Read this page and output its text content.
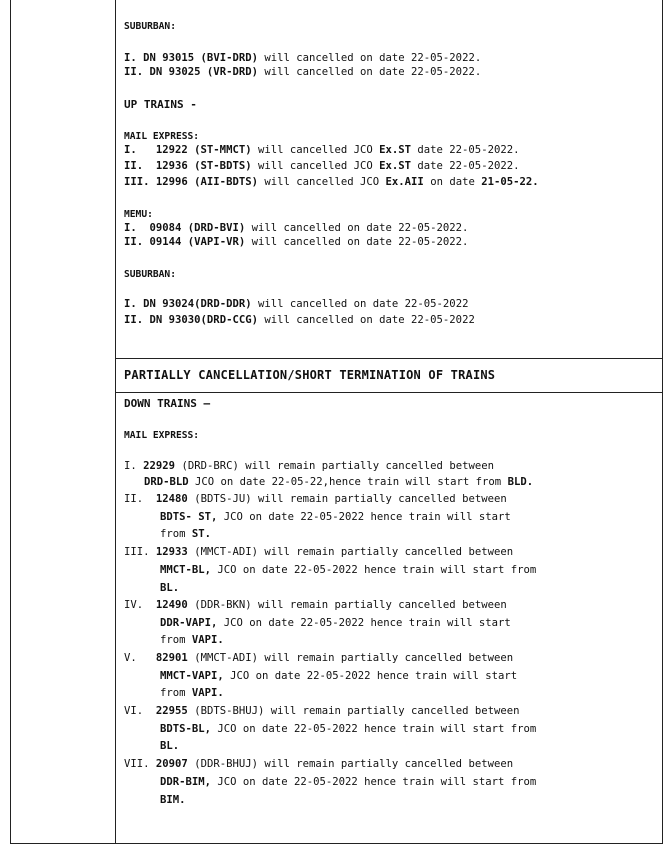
SUBURBAN:
I. DN 93015 (BVI-DRD) will cancelled on date 22-05-2022.
II. DN 93025 (VR-DRD) will cancelled on date 22-05-2022.
UP TRAINS -
MAIL EXPRESS:
I. 12922 (ST-MMCT) will cancelled JCO Ex.ST date 22-05-2022.
II. 12936 (ST-BDTS) will cancelled JCO Ex.ST date 22-05-2022.
III. 12996 (AII-BDTS) will cancelled JCO Ex.AII on date 21-05-22.
MEMU:
I. 09084 (DRD-BVI) will cancelled on date 22-05-2022.
II. 09144 (VAPI-VR) will cancelled on date 22-05-2022.
SUBURBAN:
I. DN 93024(DRD-DDR) will cancelled on date 22-05-2022
II. DN 93030(DRD-CCG) will cancelled on date 22-05-2022
PARTIALLY CANCELLATION/SHORT TERMINATION OF TRAINS
DOWN TRAINS –
MAIL EXPRESS:
I. 22929 (DRD-BRC) will remain partially cancelled between
DRD-BLD JCO on date 22-05-22,hence train will start from BLD.
II. 12480 (BDTS-JU) will remain partially cancelled between
BDTS- ST, JCO on date 22-05-2022 hence train will start
from ST.
III. 12933 (MMCT-ADI) will remain partially cancelled between
MMCT-BL, JCO on date 22-05-2022 hence train will start from
BL.
IV. 12490 (DDR-BKN) will remain partially cancelled between
DDR-VAPI, JCO on date 22-05-2022 hence train will start
from VAPI.
V. 82901 (MMCT-ADI) will remain partially cancelled between
MMCT-VAPI, JCO on date 22-05-2022 hence train will start
from VAPI.
VI. 22955 (BDTS-BHUJ) will remain partially cancelled between
BDTS-BL, JCO on date 22-05-2022 hence train will start from
BL.
VII. 20907 (DDR-BHUJ) will remain partially cancelled between
DDR-BIM, JCO on date 22-05-2022 hence train will start from
BIM.
